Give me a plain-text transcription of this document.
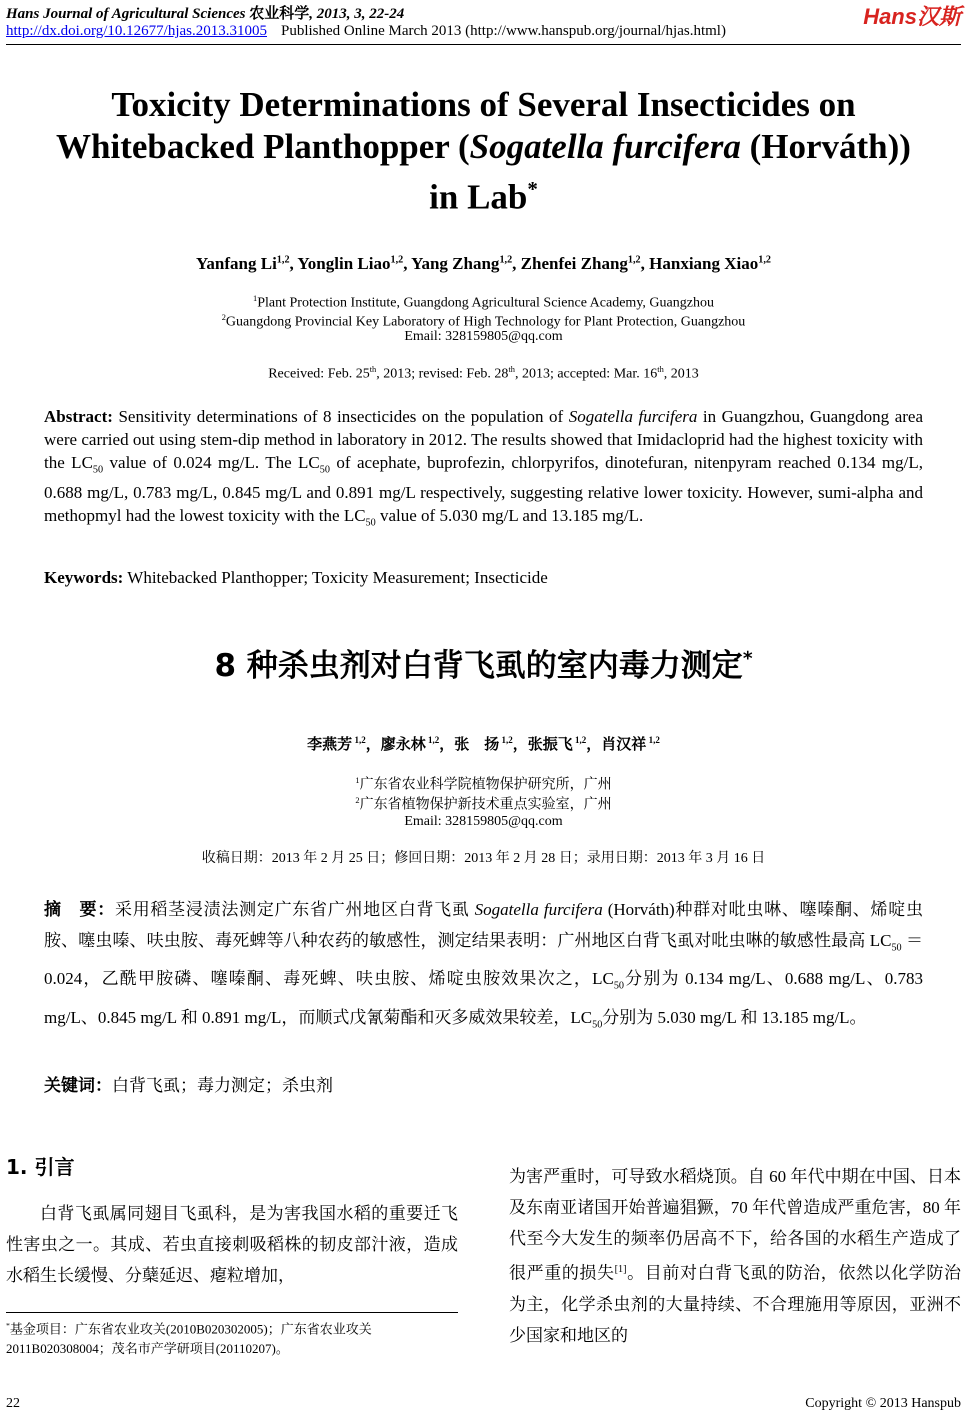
Hans Journal of Agricultural Sciences 农业科学, 2013, 3, 22-24	Hans汉斯
http://dx.doi.org/10.12677/hjas.2013.31005 Published Online March 2013 (http://www.hanspub.org/journal/hjas.html)
Toxicity Determinations of Several Insecticides on
Whitebacked Planthopper (Sogatella furcifera (Horváth))
in Lab*
Yanfang Li$^{1,2}$, Yonglin Liao$^{1,2}$, Yang Zhang$^{1,2}$, Zhenfei Zhang$^{1,2}$, Hanxiang Xiao$^{1,2}$
$^1$Plant Protection Institute, Guangdong Agricultural Science Academy, Guangzhou
$^2$Guangdong Provincial Key Laboratory of High Technology for Plant Protection, Guangzhou
Email: 328159805@qq.com
Received: Feb. 25th, 2013; revised: Feb. 28th, 2013; accepted: Mar. 16th, 2013
Abstract: Sensitivity determinations of 8 insecticides on the population of Sogatella furcifera in Guangzhou, Guangdong area were carried out using stem-dip method in laboratory in 2012. The results showed that Imidacloprid had the highest toxicity with the $LC_{50}$ value of 0.024 mg/L. The $LC_{50}$ of acephate, buprofezin, chlorpyrifos, dinotefuran, nitenpyram reached 0.134 mg/L, 0.688 mg/L, 0.783 mg/L, 0.845 mg/L and 0.891 mg/L respectively, suggesting relative lower toxicity. However, sumi-alpha and methopmyl had the lowest toxicity with the $LC_{50}$ value of 5.030 mg/L and 13.185 mg/L.
Keywords: Whitebacked Planthopper; Toxicity Measurement; Insecticide
8 种杀虫剂对白背飞虱的室内毒力测定*
李燕芳 $^{1,2}$，廖永林 $^{1,2}$，张　扬 $^{1,2}$，张振飞 $^{1,2}$，肖汉祥 $^{1,2}$
$^1$广东省农业科学院植物保护研究所，广州
$^2$广东省植物保护新技术重点实验室，广州
Email: 328159805@qq.com
收稿日期：2013 年 2 月 25 日；修回日期：2013 年 2 月 28 日；录用日期：2013 年 3 月 16 日
摘　要：采用稻茎浸渍法测定广东省广州地区白背飞虱 Sogatella furcifera (Horváth)种群对吡虫啉、噻嗪酮、烯啶虫胺、噻虫嗪、呋虫胺、毒死蜱等八种农药的敏感性，测定结果表明：广州地区白背飞虱对吡虫啉的敏感性最高 $LC_{50} = 0.024$，乙酰甲胺磷、噻嗪酮、毒死蜱、呋虫胺、烯啶虫胺效果次之，$LC_{50}$分别为 0.134 mg/L、0.688 mg/L、0.783 mg/L、0.845 mg/L 和 0.891 mg/L，而顺式戊氰菊酯和灭多威效果较差，$LC_{50}$分别为 5.030 mg/L 和 13.185 mg/L。
关键词：白背飞虱；毒力测定；杀虫剂
1. 引言
白背飞虱属同翅目飞虱科，是为害我国水稻的重要迁飞性害虫之一。其成、若虫直接刺吸稻株的韧皮部汁液，造成水稻生长缓慢、分蘖延迟、瘪粒增加，
为害严重时，可导致水稻烧顶。自 60 年代中期在中国、日本及东南亚诸国开始普遍猖獗，70 年代曾造成严重危害，80 年代至今大发生的频率仍居高不下，给各国的水稻生产造成了很严重的损失[1]。目前对白背飞虱的防治，依然以化学防治为主，化学杀虫剂的大量持续、不合理施用等原因，亚洲不少国家和地区的
*基金项目：广东省农业攻关(2010B020302005)；广东省农业攻关 2011B020308004；茂名市产学研项目(20110207)。
22	Copyright © 2013 Hanspub
